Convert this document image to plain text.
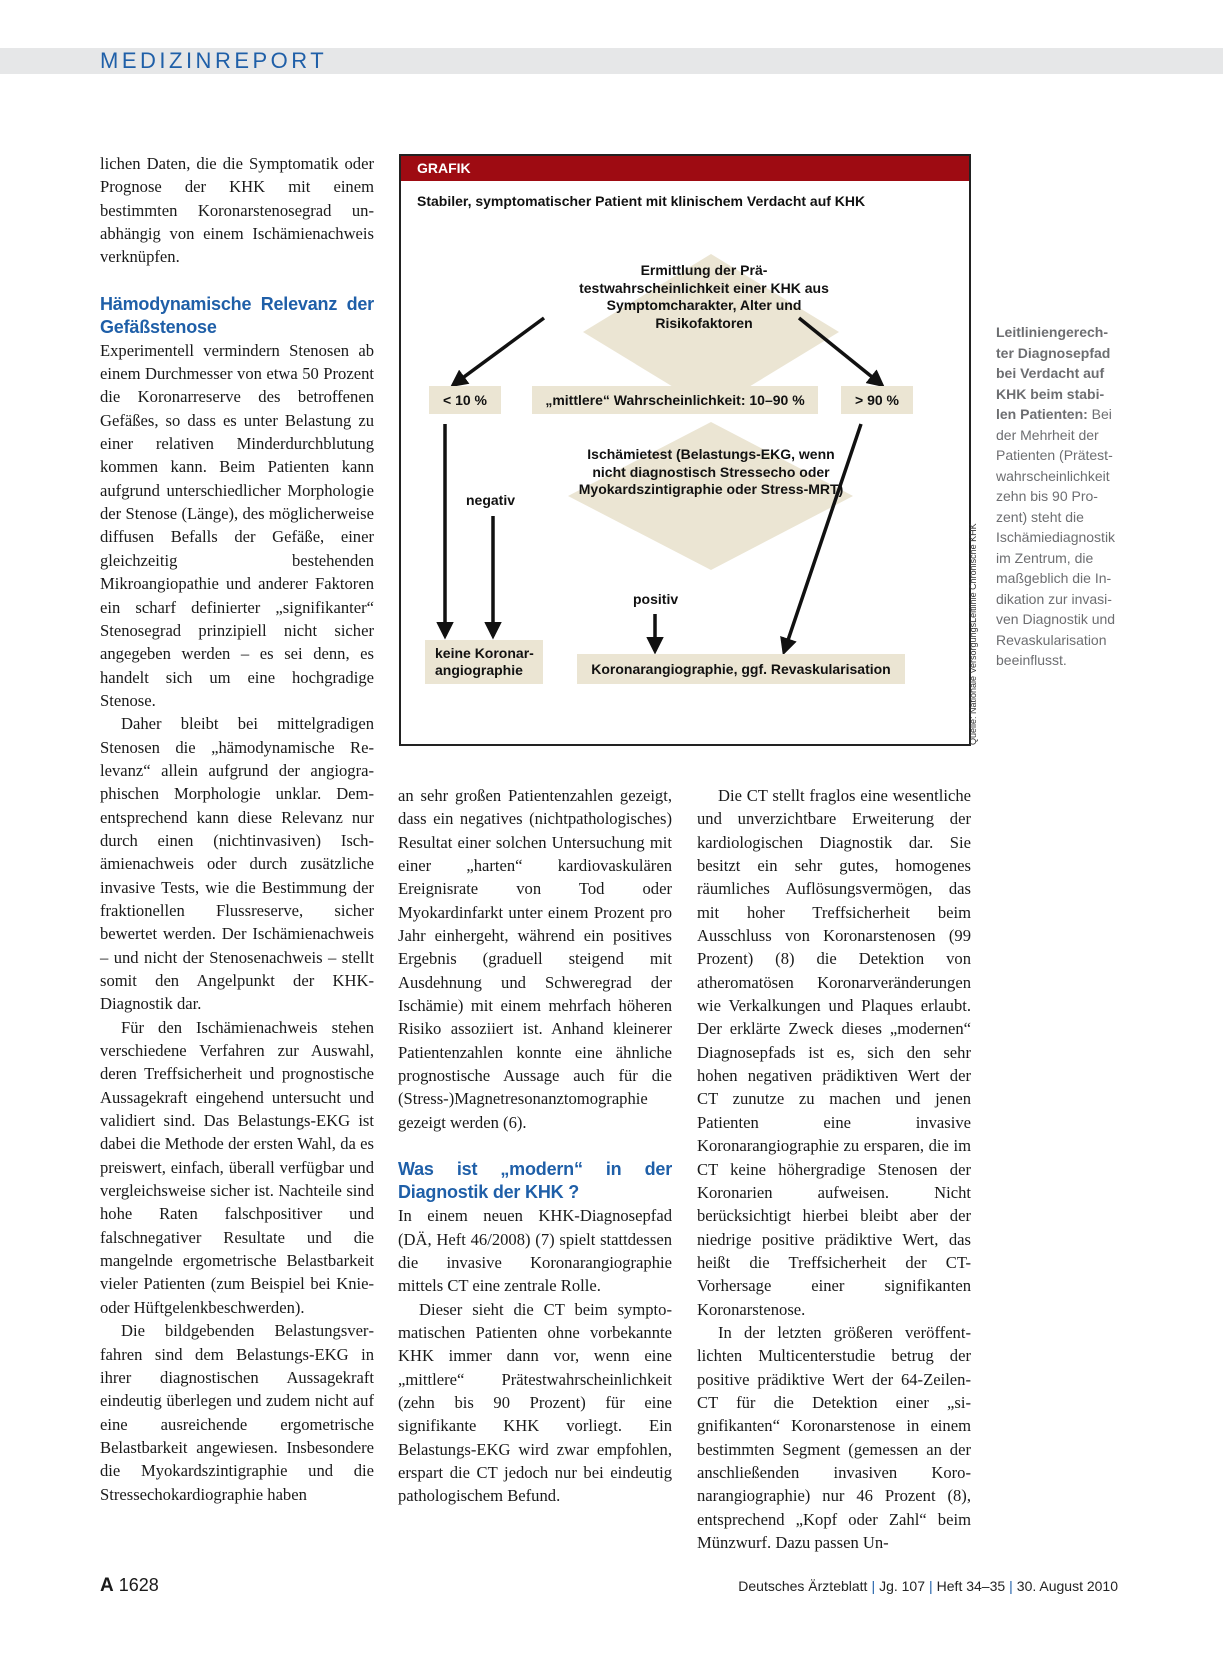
MEDIZINREPORT

lichen Daten, die die Symptomatik oder Prognose der KHK mit einem bestimmten Koronarstenosegrad unabhängig von einem Ischämienachweis verknüpfen.

Hämodynamische Relevanz der Gefäßstenose

Experimentell vermindern Stenosen ab einem Durchmesser von etwa 50 Prozent die Koronarreserve des betroffenen Gefäßes, so dass es unter Belastung zu einer relativen Minderdurchblutung kommen kann. Beim Patienten kann aufgrund unterschiedlicher Morphologie der Stenose (Länge), des möglicherweise diffusen Befalls der Gefäße, einer gleichzeitig bestehenden Mikroangiopathie und anderer Faktoren ein scharf definierter „signifikanter“ Stenosegrad prinzipiell nicht sicher angegeben werden – es sei denn, es handelt sich um eine hochgradige Stenose.

Daher bleibt bei mittelgradigen Stenosen die „hämodynamische Relevanz“ allein aufgrund der angiographischen Morphologie unklar. Dementsprechend kann diese Relevanz nur durch einen (nichtinvasiven) Ischämienachweis oder durch zusätzliche invasive Tests, wie die Bestimmung der fraktionellen Flussreserve, sicher bewertet werden. Der Ischämienachweis – und nicht der Stenosenachweis – stellt somit den Angelpunkt der KHK-Diagnostik dar.

Für den Ischämienachweis stehen verschiedene Verfahren zur Auswahl, deren Treffsicherheit und prognostische Aussagekraft eingehend untersucht und validiert sind. Das Belastungs-EKG ist dabei die Methode der ersten Wahl, da es preiswert, einfach, überall verfügbar und vergleichsweise sicher ist. Nachteile sind hohe Raten falschpositiver und falschnegativer Resultate und die mangelnde ergometrische Belastbarkeit vieler Patienten (zum Beispiel bei Knie- oder Hüftgelenkbeschwerden).

Die bildgebenden Belastungsverfahren sind dem Belastungs-EKG in ihrer diagnostischen Aussagekraft eindeutig überlegen und zudem nicht auf eine ausreichende ergometrische Belastbarkeit angewiesen. Insbesondere die Myokardszintigraphie und die Stressechokardiographie haben

GRAFIK
Stabiler, symptomatischer Patient mit klinischem Verdacht auf KHK
Ermittlung der Prätestwahrscheinlichkeit einer KHK aus Symptomcharakter, Alter und Risikofaktoren
< 10 %	„mittlere“ Wahrscheinlichkeit: 10–90 %	> 90 %
Ischämietest (Belastungs-EKG, wenn nicht diagnostisch Stressecho oder Myokardszintigraphie oder Stress-MRT)
negativ
positiv
keine Koronarangiographie	Koronarangiographie, ggf. Revaskularisation	Quelle: Nationale VersorgungsLeitlinie Chronische KHK
Leitliniengerechter Diagnosepfad bei Verdacht auf KHK beim stabilen Patienten: Bei der Mehrheit der Patienten (Prätestwahrscheinlichkeit zehn bis 90 Prozent) steht die Ischämiediagnostik im Zentrum, die maßgeblich die Indikation zur invasiven Diagnostik und Revaskularisation beeinflusst.

an sehr großen Patientenzahlen gezeigt, dass ein negatives (nichtpathologisches) Resultat einer solchen Untersuchung mit einer „harten“ kardiovaskulären Ereignisrate von Tod oder Myokardinfarkt unter einem Prozent pro Jahr einhergeht, während ein positives Ergebnis (graduell steigend mit Ausdehnung und Schweregrad der Ischämie) mit einem mehrfach höheren Risiko assoziiert ist. Anhand kleinerer Patientenzahlen konnte eine ähnliche prognostische Aussage auch für die (Stress-)Magnetresonanztomographie gezeigt werden (6).

Was ist „modern“ in der Diagnostik der KHK ?

In einem neuen KHK-Diagnosepfad (DÄ, Heft 46/2008) (7) spielt stattdessen die invasive Koronarangiographie mittels CT eine zentrale Rolle.

Dieser sieht die CT beim symptomatischen Patienten ohne vorbekannte KHK immer dann vor, wenn eine „mittlere“ Prätestwahrscheinlichkeit (zehn bis 90 Prozent) für eine signifikante KHK vorliegt. Ein Belastungs-EKG wird zwar empfohlen, erspart die CT jedoch nur bei eindeutig pathologischem Befund.

Die CT stellt fraglos eine wesentliche und unverzichtbare Erweiterung der kardiologischen Diagnostik dar. Sie besitzt ein sehr gutes, homogenes räumliches Auflösungsvermögen, das mit hoher Treffsicherheit beim Ausschluss von Koronarstenosen (99 Prozent) (8) die Detektion von atheromatösen Koronarveränderungen wie Verkalkungen und Plaques erlaubt. Der erklärte Zweck dieses „modernen“ Diagnosepfads ist es, sich den sehr hohen negativen prädiktiven Wert der CT zunutze zu machen und jenen Patienten eine invasive Koronarangiographie zu ersparen, die im CT keine höhergradige Stenosen der Koronarien aufweisen. Nicht berücksichtigt hierbei bleibt aber der niedrige positive prädiktive Wert, das heißt die Treffsicherheit der CT-Vorhersage einer signifikanten Koronarstenose.

In der letzten größeren veröffentlichten Multicenterstudie betrug der positive prädiktive Wert der 64-Zeilen-CT für die Detektion einer „signifikanten“ Koronarstenose in einem bestimmten Segment (gemessen an der anschließenden invasiven Koronarangiographie) nur 46 Prozent (8), entsprechend „Kopf oder Zahl“ beim Münzwurf. Dazu passen Un-

A 1628	Deutsches Ärzteblatt | Jg. 107 | Heft 34–35 | 30. August 2010
